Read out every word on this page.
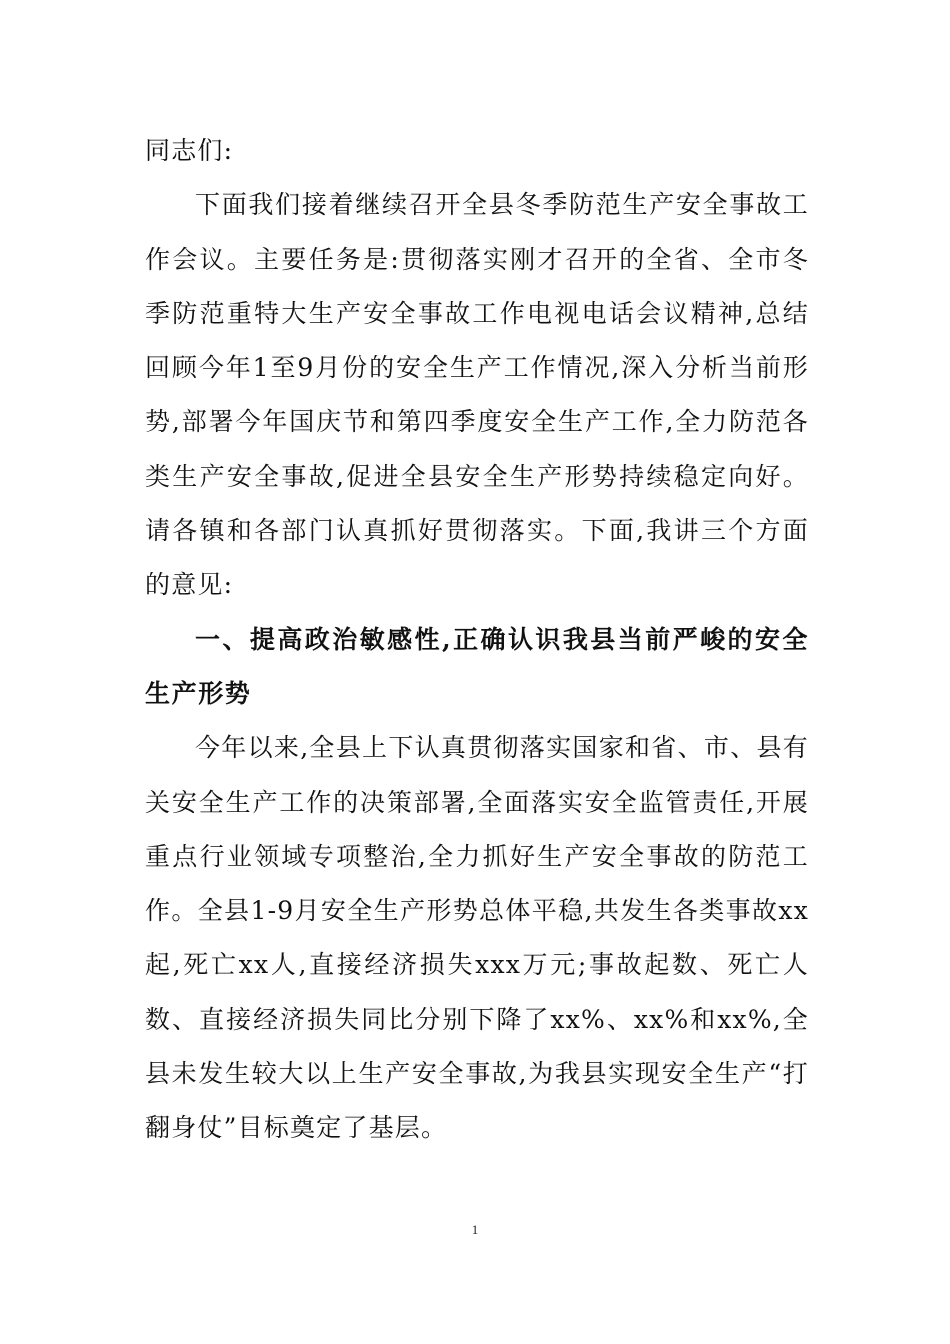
同志们:

下面我们接着继续召开全县冬季防范生产安全事故工作会议。主要任务是:贯彻落实刚才召开的全省、全市冬季防范重特大生产安全事故工作电视电话会议精神,总结回顾今年1至9月份的安全生产工作情况,深入分析当前形势,部署今年国庆节和第四季度安全生产工作,全力防范各类生产安全事故,促进全县安全生产形势持续稳定向好。请各镇和各部门认真抓好贯彻落实。下面,我讲三个方面的意见:

一、提高政治敏感性,正确认识我县当前严峻的安全生产形势

今年以来,全县上下认真贯彻落实国家和省、市、县有关安全生产工作的决策部署,全面落实安全监管责任,开展重点行业领域专项整治,全力抓好生产安全事故的防范工作。全县1-9月安全生产形势总体平稳,共发生各类事故xx起,死亡xx人,直接经济损失xxx万元;事故起数、死亡人数、直接经济损失同比分别下降了xx%、xx%和xx%,全县未发生较大以上生产安全事故,为我县实现安全生产“打翻身仗”目标奠定了基层。

1
